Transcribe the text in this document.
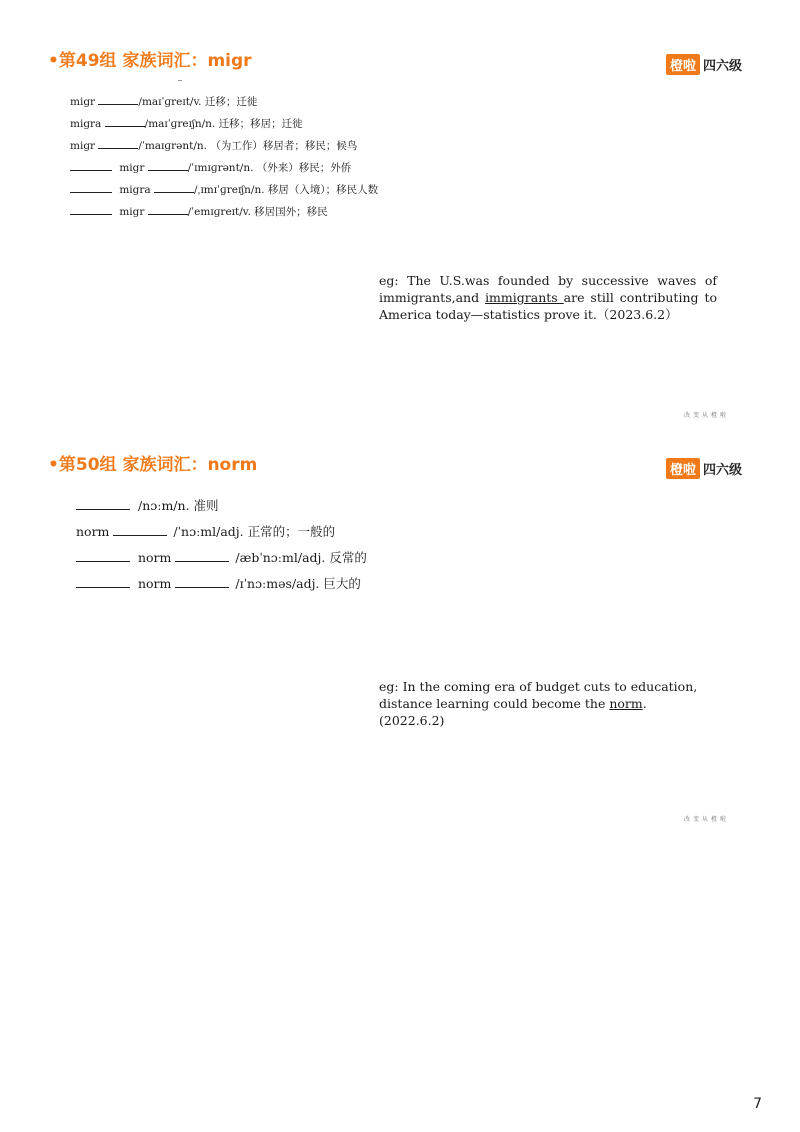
•第49组 家族词汇：migr	橙啦 四六级
migr	/maɪˈɡreɪt/v. 迁移；迁徙
migra	/maɪˈɡreɪʃn/n. 迁移；移居；迁徙
migr	/ˈmaɪɡrənt/n. （为工作）移居者；移民；候鸟
migr	/ˈɪmɪɡrənt/n. （外来）移民；外侨
migra	/ˌɪmɪˈɡreɪʃn/n. 移居（入境）；移民人数
migr	/ˈemɪɡreɪt/v. 移居国外；移民
eg: The U.S.was founded by successive waves of immigrants,and immigrants are still contributing to America today—statistics prove it.（2023.6.2）
改变从橙啦
•第50组 家族词汇：norm	橙啦 四六级
/nɔːm/n. 准则
norm	/ˈnɔːml/adj. 正常的；一般的
norm	/æbˈnɔːml/adj. 反常的
norm	/ɪˈnɔːməs/adj. 巨大的
eg: In the coming era of budget cuts to education, distance learning could become the norm.(2022.6.2)
改变从橙啦
7
